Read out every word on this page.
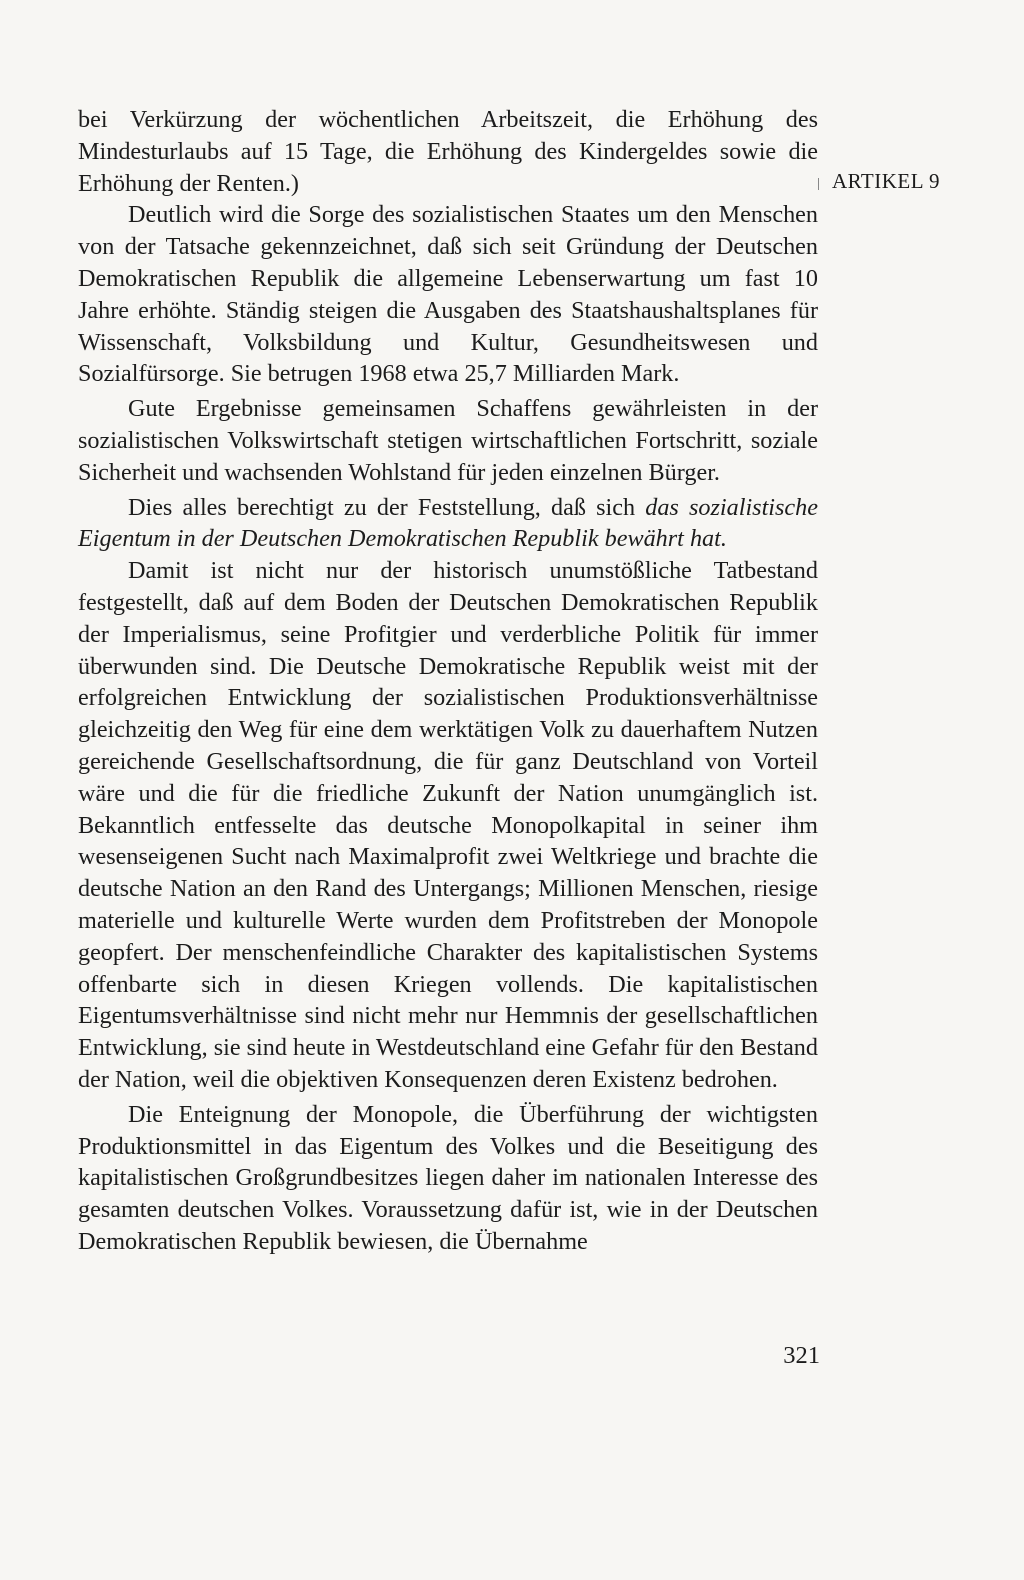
bei Verkürzung der wöchentlichen Arbeitszeit, die Erhöhung des Mindesturlaubs auf 15 Tage, die Erhöhung des Kindergeldes sowie die Erhöhung der Renten.)

Deutlich wird die Sorge des sozialistischen Staates um den Menschen von der Tatsache gekennzeichnet, daß sich seit Gründung der Deutschen Demokratischen Republik die allgemeine Lebenserwartung um fast 10 Jahre erhöhte. Ständig steigen die Ausgaben des Staatshaushaltsplanes für Wissenschaft, Volksbildung und Kultur, Gesundheitswesen und Sozialfürsorge. Sie betrugen 1968 etwa 25,7 Milliarden Mark.

Gute Ergebnisse gemeinsamen Schaffens gewährleisten in der sozialistischen Volkswirtschaft stetigen wirtschaftlichen Fortschritt, soziale Sicherheit und wachsenden Wohlstand für jeden einzelnen Bürger.

Dies alles berechtigt zu der Feststellung, daß sich das sozialistische Eigentum in der Deutschen Demokratischen Republik bewährt hat.

Damit ist nicht nur der historisch unumstößliche Tatbestand festgestellt, daß auf dem Boden der Deutschen Demokratischen Republik der Imperialismus, seine Profitgier und verderbliche Politik für immer überwunden sind. Die Deutsche Demokratische Republik weist mit der erfolgreichen Entwicklung der sozialistischen Produktionsverhältnisse gleichzeitig den Weg für eine dem werktätigen Volk zu dauerhaftem Nutzen gereichende Gesellschaftsordnung, die für ganz Deutschland von Vorteil wäre und die für die friedliche Zukunft der Nation unumgänglich ist. Bekanntlich entfesselte das deutsche Monopolkapital in seiner ihm wesenseigenen Sucht nach Maximalprofit zwei Weltkriege und brachte die deutsche Nation an den Rand des Untergangs; Millionen Menschen, riesige materielle und kulturelle Werte wurden dem Profitstreben der Monopole geopfert. Der menschenfeindliche Charakter des kapitalistischen Systems offenbarte sich in diesen Kriegen vollends. Die kapitalistischen Eigentumsverhältnisse sind nicht mehr nur Hemmnis der gesellschaftlichen Entwicklung, sie sind heute in Westdeutschland eine Gefahr für den Bestand der Nation, weil die objektiven Konsequenzen deren Existenz bedrohen.

Die Enteignung der Monopole, die Überführung der wichtigsten Produktionsmittel in das Eigentum des Volkes und die Beseitigung des kapitalistischen Großgrundbesitzes liegen daher im nationalen Interesse des gesamten deutschen Volkes. Voraussetzung dafür ist, wie in der Deutschen Demokratischen Republik bewiesen, die Übernahme

ARTIKEL 9
321
